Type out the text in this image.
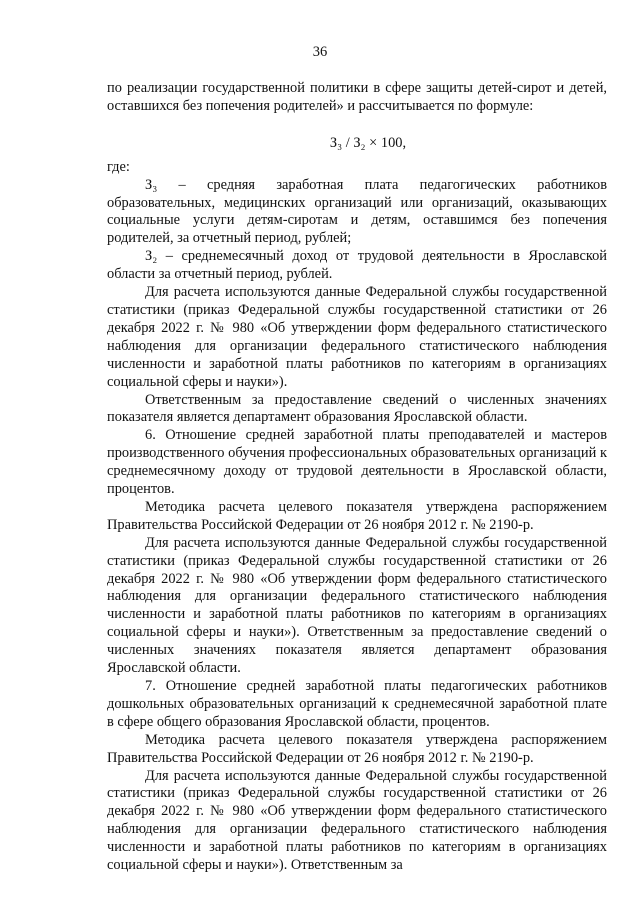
36

по реализации государственной политики в сфере защиты детей-сирот и детей, оставшихся без попечения родителей» и рассчитывается по формуле:

З₃ / З₂ × 100,

где:

З₃ – средняя заработная плата педагогических работников образовательных, медицинских организаций или организаций, оказывающих социальные услуги детям-сиротам и детям, оставшимся без попечения родителей, за отчетный период, рублей;

З₂ – среднемесячный доход от трудовой деятельности в Ярославской области за отчетный период, рублей.

Для расчета используются данные Федеральной службы государственной статистики (приказ Федеральной службы государственной статистики от 26 декабря 2022 г. № 980 «Об утверждении форм федерального статистического наблюдения для организации федерального статистического наблюдения численности и заработной платы работников по категориям в организациях социальной сферы и науки»).

Ответственным за предоставление сведений о численных значениях показателя является департамент образования Ярославской области.

6. Отношение средней заработной платы преподавателей и мастеров производственного обучения профессиональных образовательных организаций к среднемесячному доходу от трудовой деятельности в Ярославской области, процентов.

Методика расчета целевого показателя утверждена распоряжением Правительства Российской Федерации от 26 ноября 2012 г. № 2190-р.

Для расчета используются данные Федеральной службы государственной статистики (приказ Федеральной службы государственной статистики от 26 декабря 2022 г. № 980 «Об утверждении форм федерального статистического наблюдения для организации федерального статистического наблюдения численности и заработной платы работников по категориям в организациях социальной сферы и науки»). Ответственным за предоставление сведений о численных значениях показателя является департамент образования Ярославской области.

7. Отношение средней заработной платы педагогических работников дошкольных образовательных организаций к среднемесячной заработной плате в сфере общего образования Ярославской области, процентов.

Методика расчета целевого показателя утверждена распоряжением Правительства Российской Федерации от 26 ноября 2012 г. № 2190-р.

Для расчета используются данные Федеральной службы государственной статистики (приказ Федеральной службы государственной статистики от 26 декабря 2022 г. № 980 «Об утверждении форм федерального статистического наблюдения для организации федерального статистического наблюдения численности и заработной платы работников по категориям в организациях социальной сферы и науки»). Ответственным за
